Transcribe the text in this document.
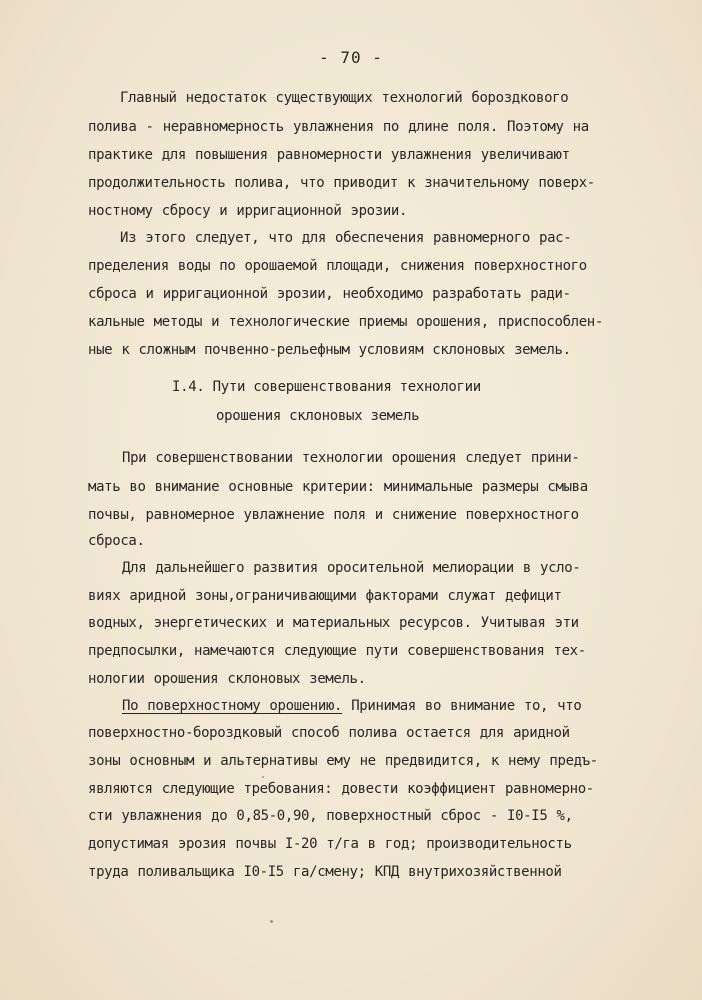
- 70 -
Главный недостаток существующих технологий бороздкового
полива - неравномерность увлажнения по длине поля. Поэтому на
практике для повышения равномерности увлажнения увеличивают
продолжительность полива, что приводит к значительному поверх-
ностному сбросу и ирригационной эрозии.
Из этого следует, что для обеспечения равномерного рас-
пределения воды по орошаемой площади, снижения поверхностного
сброса и ирригационной эрозии, необходимо разработать ради-
кальные методы и технологические приемы орошения, приспособлен-
ные к сложным почвенно-рельефным условиям склоновых земель.
I.4. Пути совершенствования технологии
орошения склоновых земель
При совершенствовании технологии орошения следует прини-
мать во внимание основные критерии: минимальные размеры смыва
почвы, равномерное увлажнение поля и снижение поверхностного
сброса.
Для дальнейшего развития оросительной мелиорации в усло-
виях аридной зоны,ограничивающими факторами служат дефицит
водных, энергетических и материальных ресурсов. Учитывая эти
предпосылки, намечаются следующие пути совершенствования тех-
нологии орошения склоновых земель.
По поверхностному орошению. Принимая во внимание то, что
поверхностно-бороздковый способ полива остается для аридной
зоны основным и альтернативы ему не предвидится, к нему предъ-
являются следующие требования: довести коэффициент равномерно-
сти увлажнения до 0,85-0,90, поверхностный сброс - I0-I5 %,
допустимая эрозия почвы I-20 т/га в год; производительность
труда поливальщика I0-I5 га/смену; КПД внутрихозяйственной
